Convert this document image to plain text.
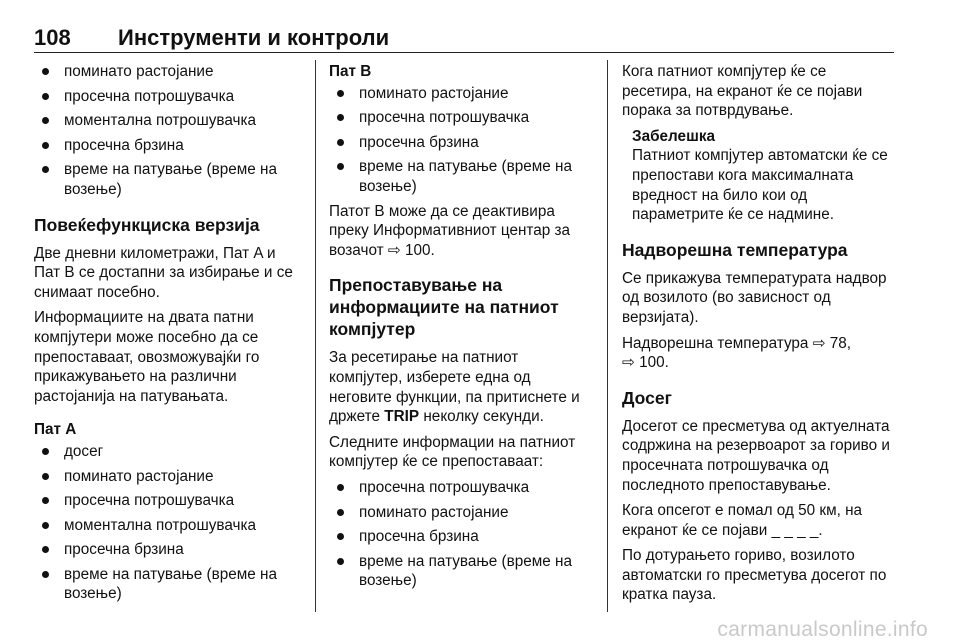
108 Инструменти и контроли
поминато растојание
просечна потрошувачка
моментална потрошувачка
просечна брзина
време на патување (време на возење)
Повеќефункциска верзија

Две дневни километражи, Пат A и Пат B се достапни за избирање и се снимаат посебно.

Информациите на двата патни компјутери може посебно да се препоставаат, овозможувајќи го прикажувањето на различни растојанија на патувањата.

Пат A
досег
поминато растојание
просечна потрошувачка
моментална потрошувачка
просечна брзина
време на патување (време на возење)
Пат B
поминато растојание
просечна потрошувачка
просечна брзина
време на патување (време на возење)

Патот B може да се деактивира преку Информативниот центар за возачот ⇨ 100.

Препоставување на информациите на патниот компјутер

За ресетирање на патниот компјутер, изберете една од неговите функции, па притиснете и држете TRIP неколку секунди.

Следните информации на патниот компјутер ќе се препоставаат:

просечна потрошувачка
поминато растојание
просечна брзина
време на патување (време на возење)

Кога патниот компјутер ќе се ресетира, на екранот ќе се појави порака за потврдување.

Забелешка
Патниот компјутер автоматски ќе се препостави кога максималната вредност на било кои од параметрите ќе се надмине.
Надворешна температура

Се прикажува температурата надвор од возилото (во зависност од верзијата).

Надворешна температура ⇨ 78,
⇨ 100.

Досег

Досегот се пресметува од актуелната содржина на резервоарот за гориво и просечната потрошувачка од последното препоставување.

Кога опсегот е помал од 50 км, на екранот ќе се појави _ _ _ _.

По дотурањето гориво, возилото автоматски го пресметува досегот по кратка пауза.

carmanualsonline.info
